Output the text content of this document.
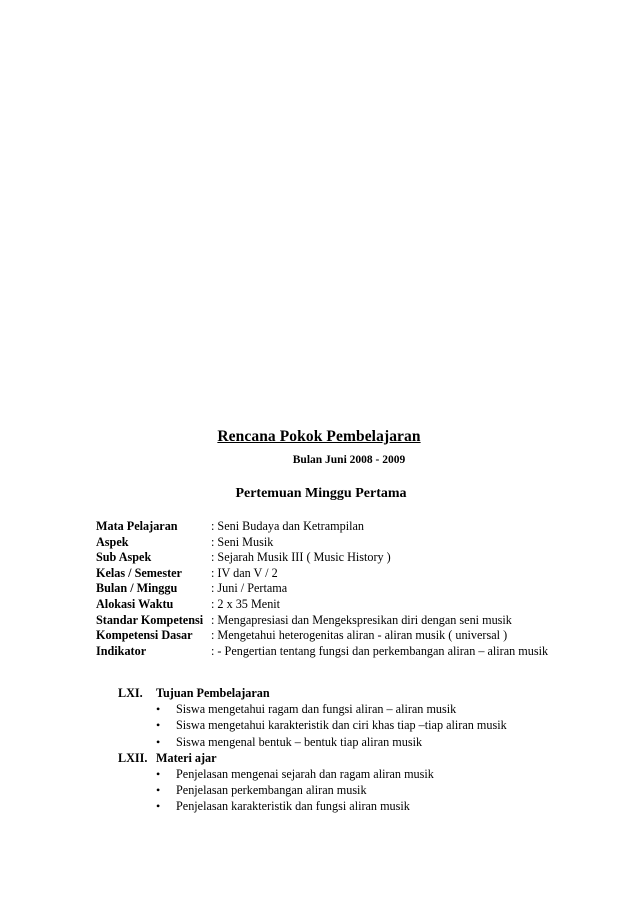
Rencana Pokok Pembelajaran
Bulan Juni 2008 - 2009
Pertemuan Minggu Pertama
Mata Pelajaran	: Seni Budaya dan Ketrampilan
Aspek	: Seni Musik
Sub Aspek	: Sejarah Musik III ( Music History )
Kelas / Semester	: IV dan V / 2
Bulan / Minggu	: Juni / Pertama
Alokasi Waktu	: 2 x 35 Menit
Standar Kompetensi : Mengapresiasi dan Mengekspresikan diri dengan seni musik
Kompetensi Dasar	: Mengetahui heterogenitas aliran - aliran musik ( universal )
Indikator	: - Pengertian tentang fungsi dan perkembangan aliran – aliran musik
LXI.	Tujuan Pembelajaran
•	Siswa mengetahui ragam dan fungsi aliran – aliran musik
•	Siswa mengetahui karakteristik dan ciri khas tiap –tiap aliran musik
•	Siswa mengenal bentuk – bentuk tiap aliran musik
LXII. Materi ajar
•	Penjelasan mengenai sejarah dan ragam aliran musik
•	Penjelasan perkembangan aliran musik
•	Penjelasan karakteristik dan fungsi aliran musik
